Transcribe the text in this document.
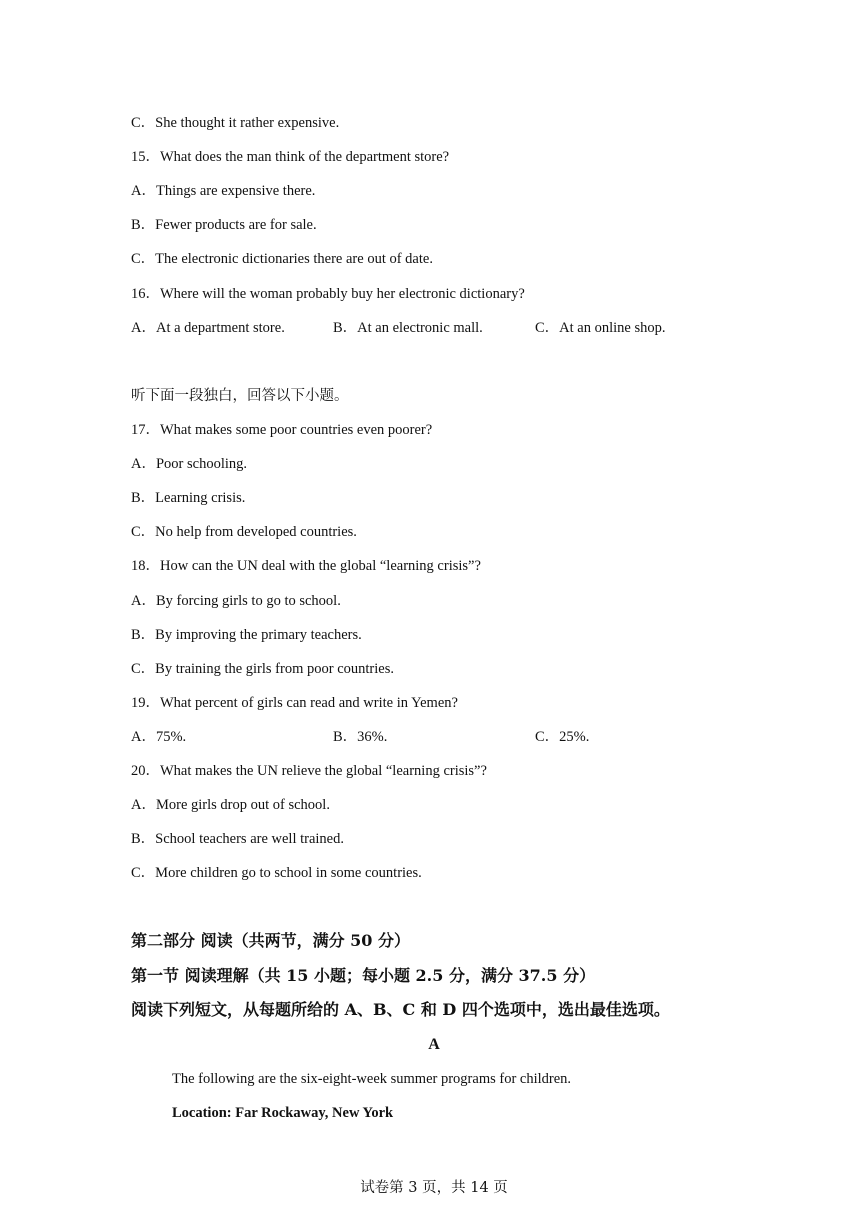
C．She thought it rather expensive.
15．What does the man think of the department store?
A．Things are expensive there.
B．Fewer products are for sale.
C．The electronic dictionaries there are out of date.
16．Where will the woman probably buy her electronic dictionary?
A．At a department store.	B．At an electronic mall.	C．At an online shop.
听下面一段独白，回答以下小题。
17．What makes some poor countries even poorer?
A．Poor schooling.
B．Learning crisis.
C．No help from developed countries.
18．How can the UN deal with the global “learning crisis”?
A．By forcing girls to go to school.
B．By improving the primary teachers.
C．By training the girls from poor countries.
19．What percent of girls can read and write in Yemen?
A．75%.	B．36%.	C．25%.
20．What makes the UN relieve the global “learning crisis”?
A．More girls drop out of school.
B．School teachers are well trained.
C．More children go to school in some countries.
第二部分 阅读（共两节，满分 50 分）
第一节 阅读理解（共 15 小题；每小题 2.5 分，满分 37.5 分）
阅读下列短文，从每题所给的 A、B、C 和 D 四个选项中，选出最佳选项。
A
The following are the six-eight-week summer programs for children.
Location: Far Rockaway, New York
试卷第 3 页，共 14 页
